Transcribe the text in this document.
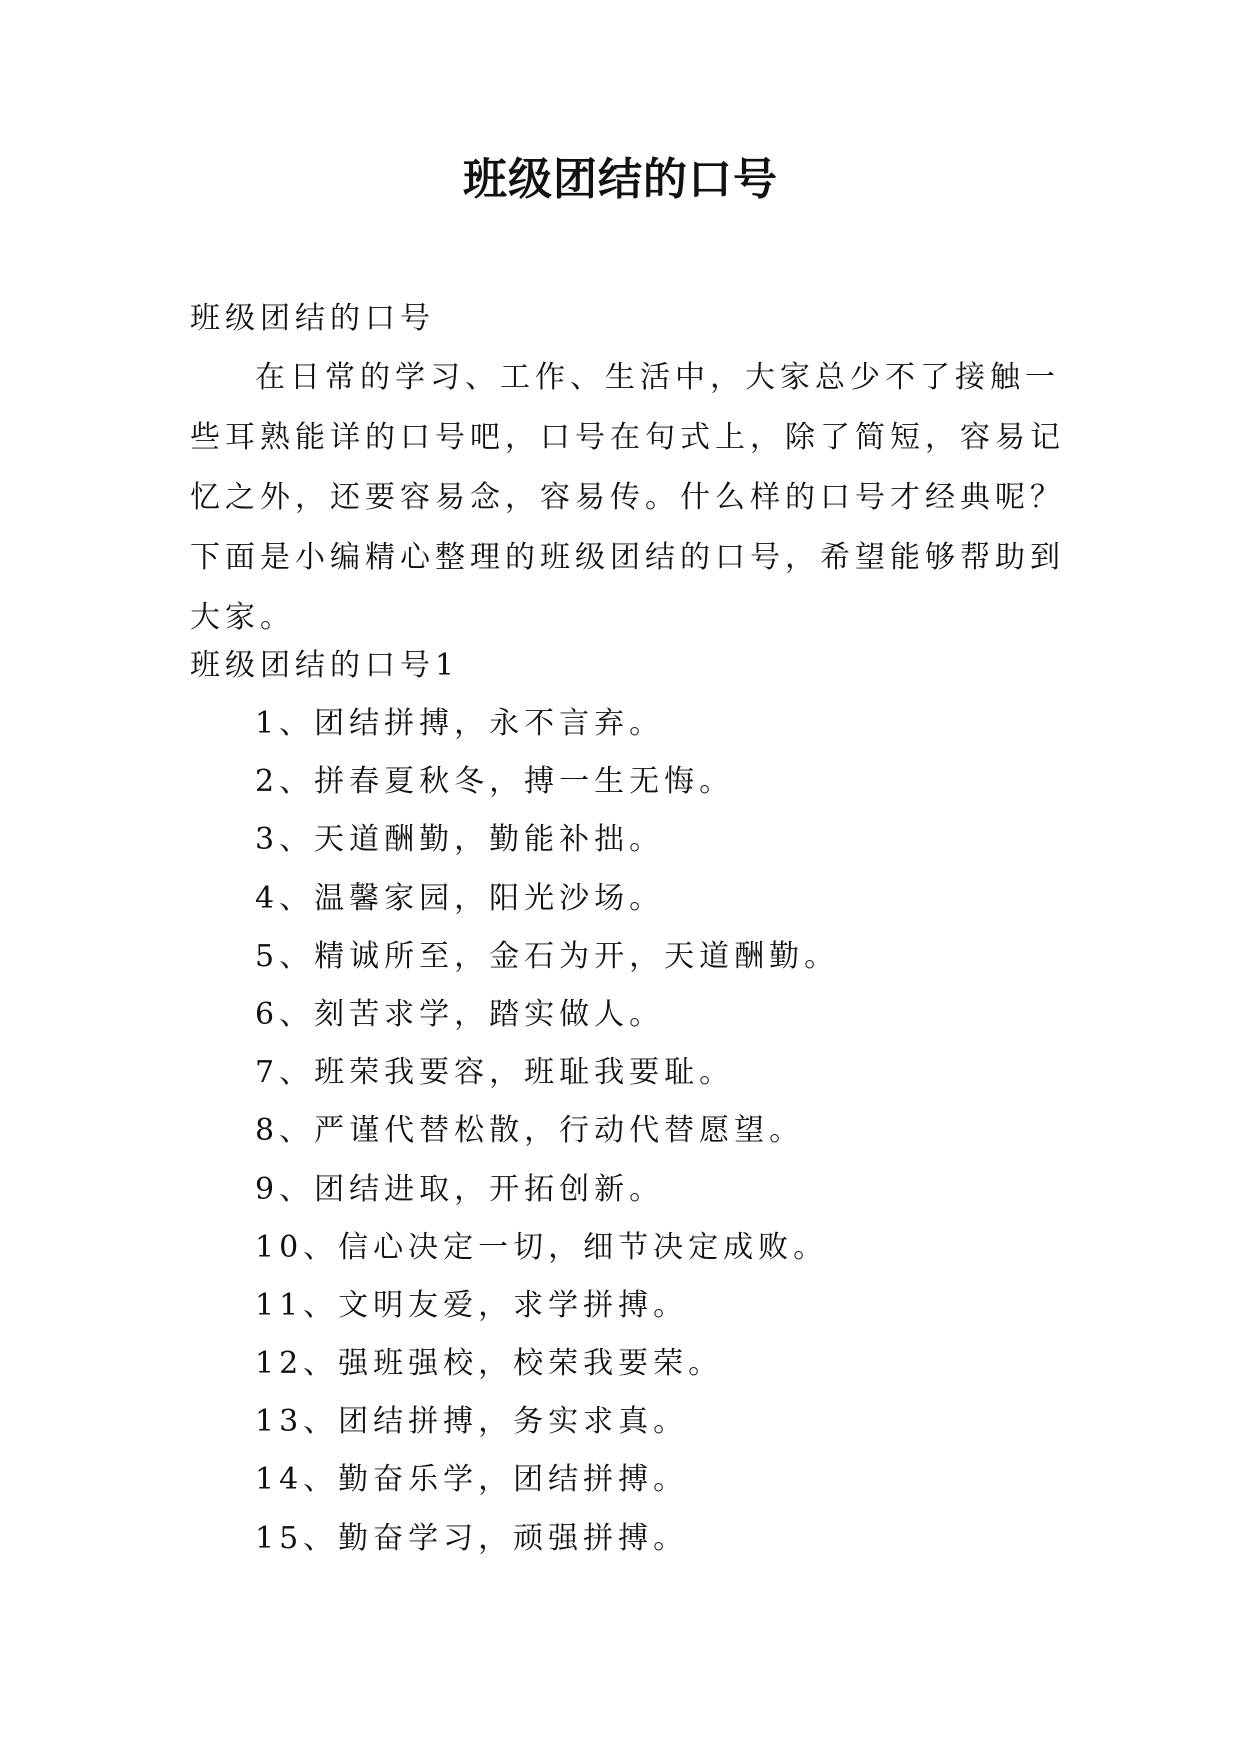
班级团结的口号
班级团结的口号
在日常的学习、工作、生活中，大家总少不了接触一些耳熟能详的口号吧，口号在句式上，除了简短，容易记忆之外，还要容易念，容易传。什么样的口号才经典呢？下面是小编精心整理的班级团结的口号，希望能够帮助到大家。
班级团结的口号1
1、团结拼搏，永不言弃。
2、拼春夏秋冬，搏一生无悔。
3、天道酬勤，勤能补拙。
4、温馨家园，阳光沙场。
5、精诚所至，金石为开，天道酬勤。
6、刻苦求学，踏实做人。
7、班荣我要容，班耻我要耻。
8、严谨代替松散，行动代替愿望。
9、团结进取，开拓创新。
10、信心决定一切，细节决定成败。
11、文明友爱，求学拼搏。
12、强班强校，校荣我要荣。
13、团结拼搏，务实求真。
14、勤奋乐学，团结拼搏。
15、勤奋学习，顽强拼搏。
